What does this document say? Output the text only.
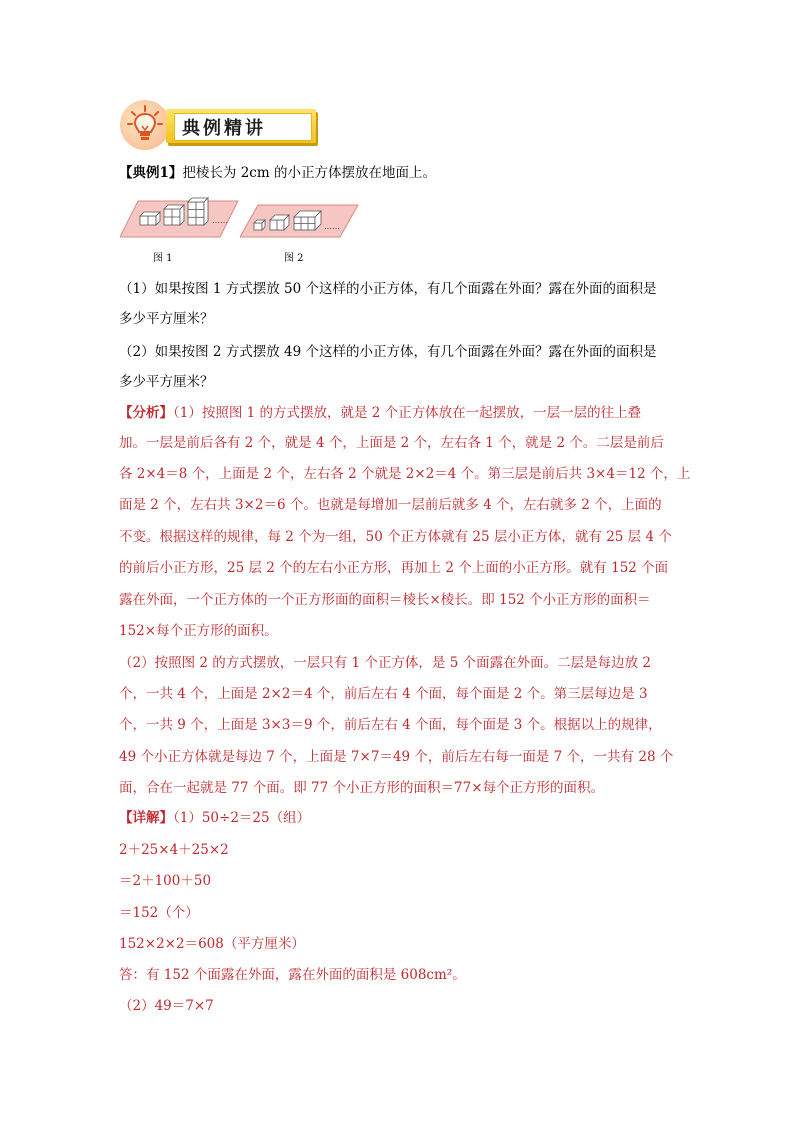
典例精讲
【典例1】把棱长为 2cm 的小正方体摆放在地面上。
……
图 1
……
图 2
（1）如果按图 1 方式摆放 50 个这样的小正方体，有几个面露在外面？露在外面的面积是
多少平方厘米？
（2）如果按图 2 方式摆放 49 个这样的小正方体，有几个面露在外面？露在外面的面积是
多少平方厘米？
【分析】（1）按照图 1 的方式摆放，就是 2 个正方体放在一起摆放，一层一层的往上叠
加。一层是前后各有 2 个，就是 4 个，上面是 2 个，左右各 1 个，就是 2 个。二层是前后
各 2×4＝8 个，上面是 2 个，左右各 2 个就是 2×2＝4 个。第三层是前后共 3×4＝12 个，上
面是 2 个，左右共 3×2＝6 个。也就是每增加一层前后就多 4 个，左右就多 2 个，上面的
不变。根据这样的规律，每 2 个为一组，50 个正方体就有 25 层小正方体，就有 25 层 4 个
的前后小正方形，25 层 2 个的左右小正方形，再加上 2 个上面的小正方形。就有 152 个面
露在外面，一个正方体的一个正方形面的面积＝棱长×棱长。即 152 个小正方形的面积＝
152×每个正方形的面积。
（2）按照图 2 的方式摆放，一层只有 1 个正方体，是 5 个面露在外面。二层是每边放 2
个，一共 4 个，上面是 2×2＝4 个，前后左右 4 个面，每个面是 2 个。第三层每边是 3
个，一共 9 个，上面是 3×3＝9 个，前后左右 4 个面，每个面是 3 个。根据以上的规律，
49 个小正方体就是每边 7 个，上面是 7×7＝49 个，前后左右每一面是 7 个，一共有 28 个
面，合在一起就是 77 个面。即 77 个小正方形的面积＝77×每个正方形的面积。
【详解】（1）50÷2＝25（组）
2＋25×4＋25×2
＝2＋100＋50
＝152（个）
152×2×2＝608（平方厘米）
答：有 152 个面露在外面，露在外面的面积是 608cm²。
（2）49＝7×7
